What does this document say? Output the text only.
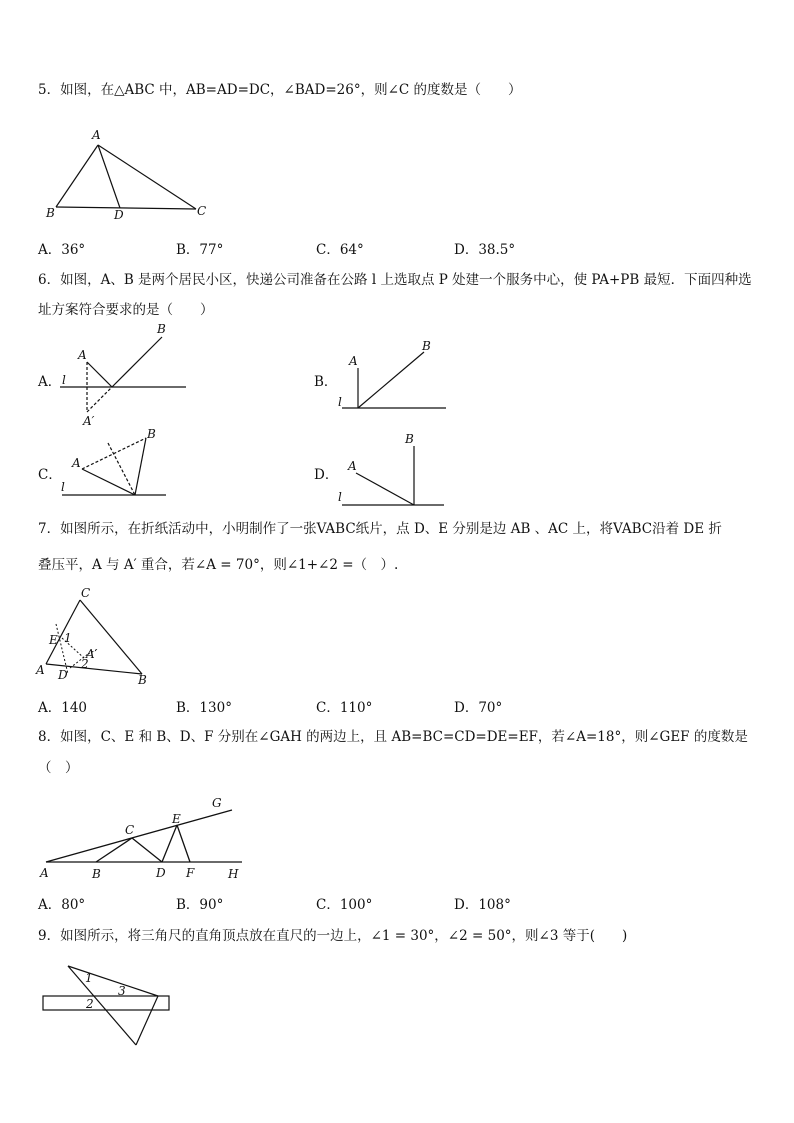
5．如图，在△ABC 中，AB=AD=DC，∠BAD=26°，则∠C 的度数是（　　）
A
B	D	C
A．36°	B．77°	C．64°	D．38.5°
6．如图，A、B 是两个居民小区，快递公司准备在公路 l 上选取点 P 处建一个服务中心，使 PA+PB 最短．下面四种选
址方案符合要求的是（　　）
A．
A
B
l
A′
B．
A
B
l
C．
A
B
l
D．
A
B
l
7．如图所示，在折纸活动中，小明制作了一张VABC纸片，点 D、E 分别是边 AB 、AC 上，将VABC沿着 DE 折
叠压平，A 与 A′ 重合，若∠A = 70°，则∠1+∠2 =（　）.
C
E 1
A′
2
A D	B
A．140	B．130°	C．110°	D．70°
8．如图，C、E 和 B、D、F 分别在∠GAH 的两边上，且 AB=BC=CD=DE=EF，若∠A=18°，则∠GEF 的度数是
（　）
G
C
E
A	B	D F	H
A．80°	B．90°	C．100°	D．108°
9．如图所示，将三角尺的直角顶点放在直尺的一边上，∠1 = 30°，∠2 = 50°，则∠3 等于(　　)
1
2
3
